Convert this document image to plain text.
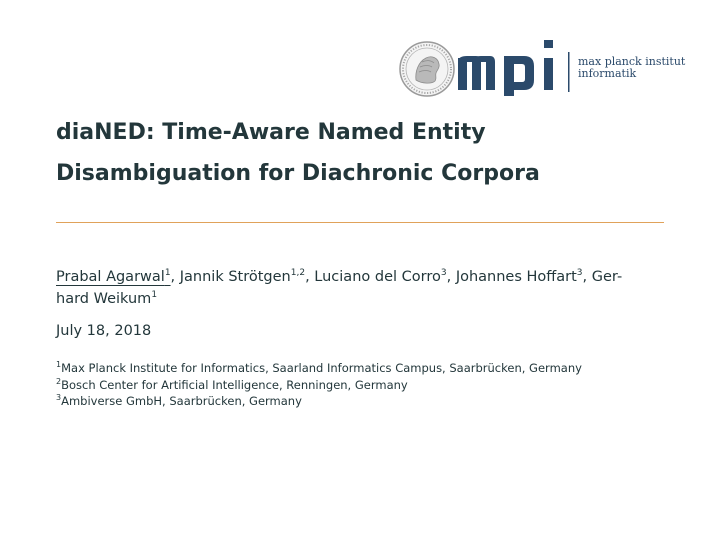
max planck institut
informatik
diaNED: Time-Aware Named Entity
Disambiguation for Diachronic Corpora
Prabal Agarwal$^1$, Jannik Strötgen$^{1,2}$, Luciano del Corro$^3$, Johannes Hoffart$^3$, Ger-
hard Weikum$^1$
July 18, 2018
$^1$Max Planck Institute for Informatics, Saarland Informatics Campus, Saarbrücken, Germany
$^2$Bosch Center for Artificial Intelligence, Renningen, Germany
$^3$Ambiverse GmbH, Saarbrücken, Germany
